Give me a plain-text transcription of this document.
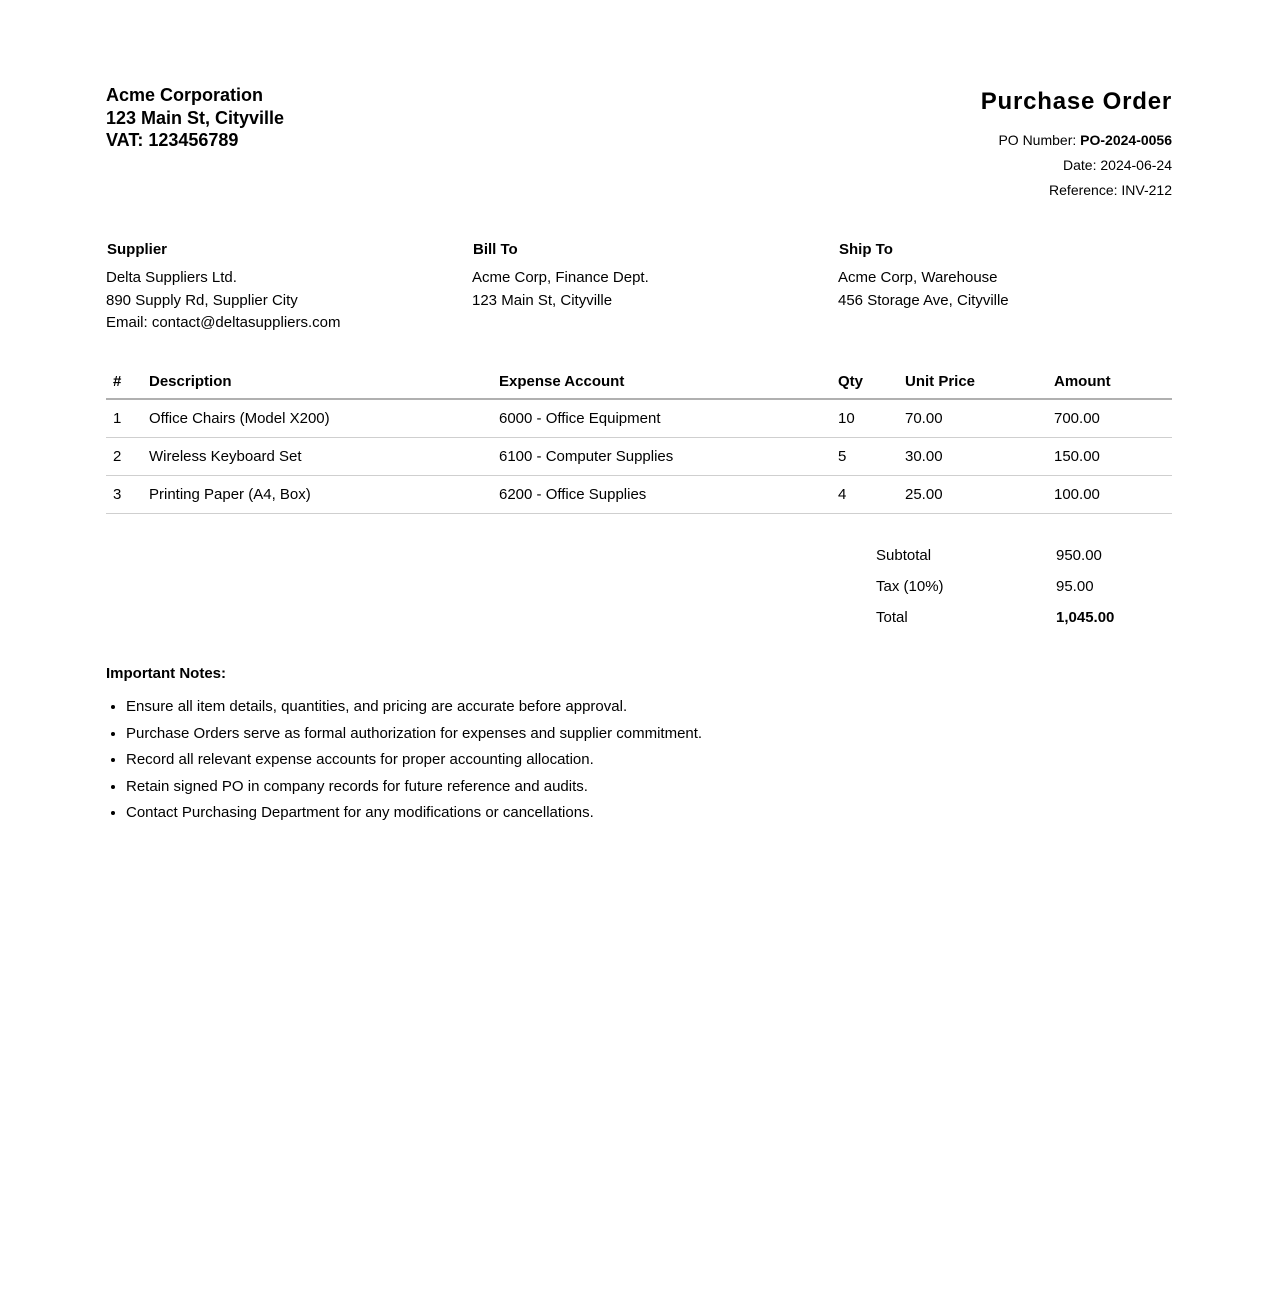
Acme Corporation
123 Main St, Cityville
VAT: 123456789
Purchase Order
PO Number: PO-2024-0056
Date: 2024-06-24
Reference: INV-212
Supplier
Delta Suppliers Ltd.
890 Supply Rd, Supplier City
Email: contact@deltasuppliers.com
Bill To
Acme Corp, Finance Dept.
123 Main St, Cityville
Ship To
Acme Corp, Warehouse
456 Storage Ave, Cityville
#	Description	Expense Account	Qty	Unit Price	Amount
1	Office Chairs (Model X200)	6000 - Office Equipment	10	70.00	700.00
2	Wireless Keyboard Set	6100 - Computer Supplies	5	30.00	150.00
3	Printing Paper (A4, Box)	6200 - Office Supplies	4	25.00	100.00
Subtotal	950.00
Tax (10%)	95.00
Total	1,045.00
Important Notes:
• Ensure all item details, quantities, and pricing are accurate before approval.
• Purchase Orders serve as formal authorization for expenses and supplier commitment.
• Record all relevant expense accounts for proper accounting allocation.
• Retain signed PO in company records for future reference and audits.
• Contact Purchasing Department for any modifications or cancellations.
